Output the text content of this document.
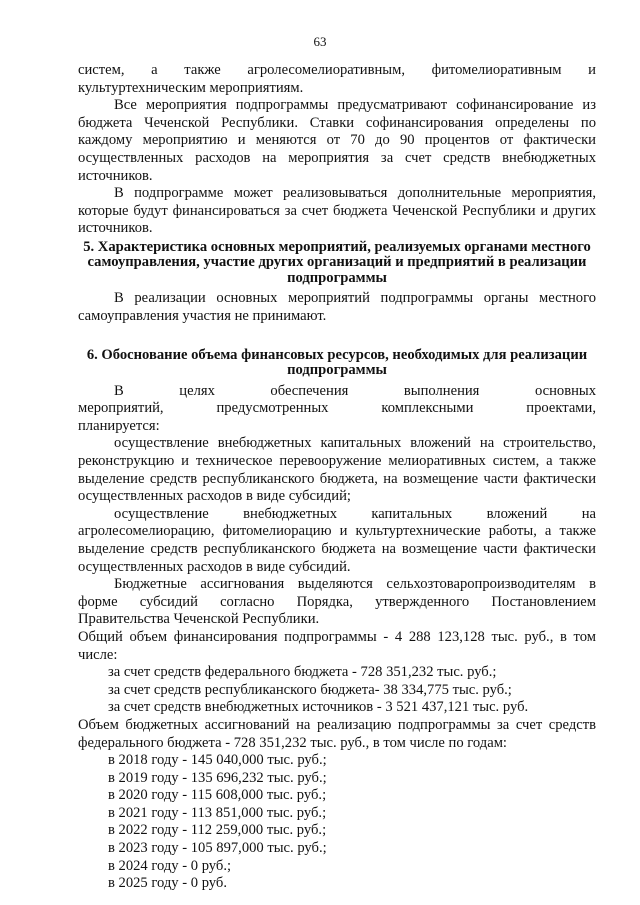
63

систем, а также агролесомелиоративным, фитомелиоративным и культуртехническим мероприятиям.

Все мероприятия подпрограммы предусматривают софинансирование из бюджета Чеченской Республики. Ставки софинансирования определены по каждому мероприятию и меняются от 70 до 90 процентов от фактически осуществленных расходов на мероприятия за счет средств внебюджетных источников.

В подпрограмме может реализовываться дополнительные мероприятия, которые будут финансироваться за счет бюджета Чеченской Республики и других источников.

5. Характеристика основных мероприятий, реализуемых органами местного самоуправления, участие других организаций и предприятий в реализации подпрограммы

В реализации основных мероприятий подпрограммы органы местного самоуправления участия не принимают.

6. Обоснование объема финансовых ресурсов, необходимых для реализации подпрограммы

В целях обеспечения выполнения основных мероприятий, предусмотренных комплексными проектами, планируется:

осуществление внебюджетных капитальных вложений на строительство, реконструкцию и техническое перевооружение мелиоративных систем, а также выделение средств республиканского бюджета, на возмещение части фактически осуществленных расходов в виде субсидий;

осуществление внебюджетных капитальных вложений на агролесомелиорацию, фитомелиорацию и культуртехнические работы, а также выделение средств республиканского бюджета на возмещение части фактически осуществленных расходов в виде субсидий.

Бюджетные ассигнования выделяются сельхозтоваропроизводителям в форме субсидий согласно Порядка, утвержденного Постановлением Правительства Чеченской Республики.

Общий объем финансирования подпрограммы - 4 288 123,128 тыс. руб., в том числе:

за счет средств федерального бюджета - 728 351,232 тыс. руб.;

за счет средств республиканского бюджета- 38 334,775 тыс. руб.;

за счет средств внебюджетных источников - 3 521 437,121 тыс. руб.

Объем бюджетных ассигнований на реализацию подпрограммы за счет средств федерального бюджета - 728 351,232 тыс. руб., в том числе по годам:

в 2018 году - 145 040,000 тыс. руб.;

в 2019 году - 135 696,232 тыс. руб.;

в 2020 году - 115 608,000 тыс. руб.;

в 2021 году - 113 851,000 тыс. руб.;

в 2022 году - 112 259,000 тыс. руб.;

в 2023 году - 105 897,000 тыс. руб.;

в 2024 году - 0 руб.;

в 2025 году - 0 руб.
